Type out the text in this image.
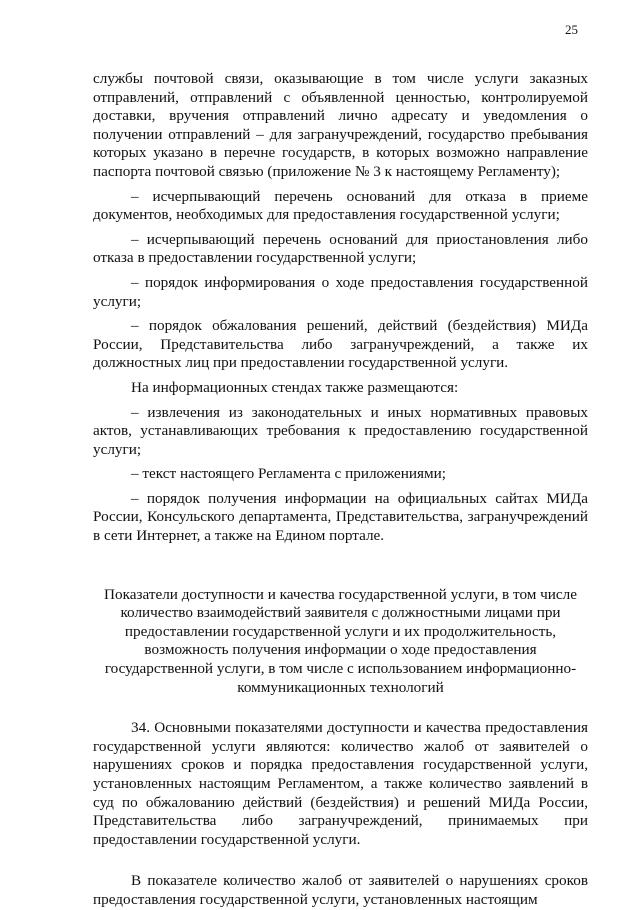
25

службы почтовой связи, оказывающие в том числе услуги заказных отправлений, отправлений с объявленной ценностью, контролируемой доставки, вручения отправлений лично адресату и уведомления о получении отправлений – для загранучреждений, государство пребывания которых указано в перечне государств, в которых возможно направление паспорта почтовой связью (приложение № 3 к настоящему Регламенту);

– исчерпывающий перечень оснований для отказа в приеме документов, необходимых для предоставления государственной услуги;

– исчерпывающий перечень оснований для приостановления либо отказа в предоставлении государственной услуги;

– порядок информирования о ходе предоставления государственной услуги;

– порядок обжалования решений, действий (бездействия) МИДа России, Представительства либо загранучреждений, а также их должностных лиц при предоставлении государственной услуги.

На информационных стендах также размещаются:

– извлечения из законодательных и иных нормативных правовых актов, устанавливающих требования к предоставлению государственной услуги;

– текст настоящего Регламента с приложениями;

– порядок получения информации на официальных сайтах МИДа России, Консульского департамента, Представительства, загранучреждений в сети Интернет, а также на Едином портале.

Показатели доступности и качества государственной услуги, в том числе количество взаимодействий заявителя с должностными лицами при предоставлении государственной услуги и их продолжительность, возможность получения информации о ходе предоставления государственной услуги, в том числе с использованием информационно-коммуникационных технологий

34. Основными показателями доступности и качества предоставления государственной услуги являются: количество жалоб от заявителей о нарушениях сроков и порядка предоставления государственной услуги, установленных настоящим Регламентом, а также количество заявлений в суд по обжалованию действий (бездействия) и решений МИДа России, Представительства либо загранучреждений, принимаемых при предоставлении государственной услуги.

В показателе количество жалоб от заявителей о нарушениях сроков предоставления государственной услуги, установленных настоящим
